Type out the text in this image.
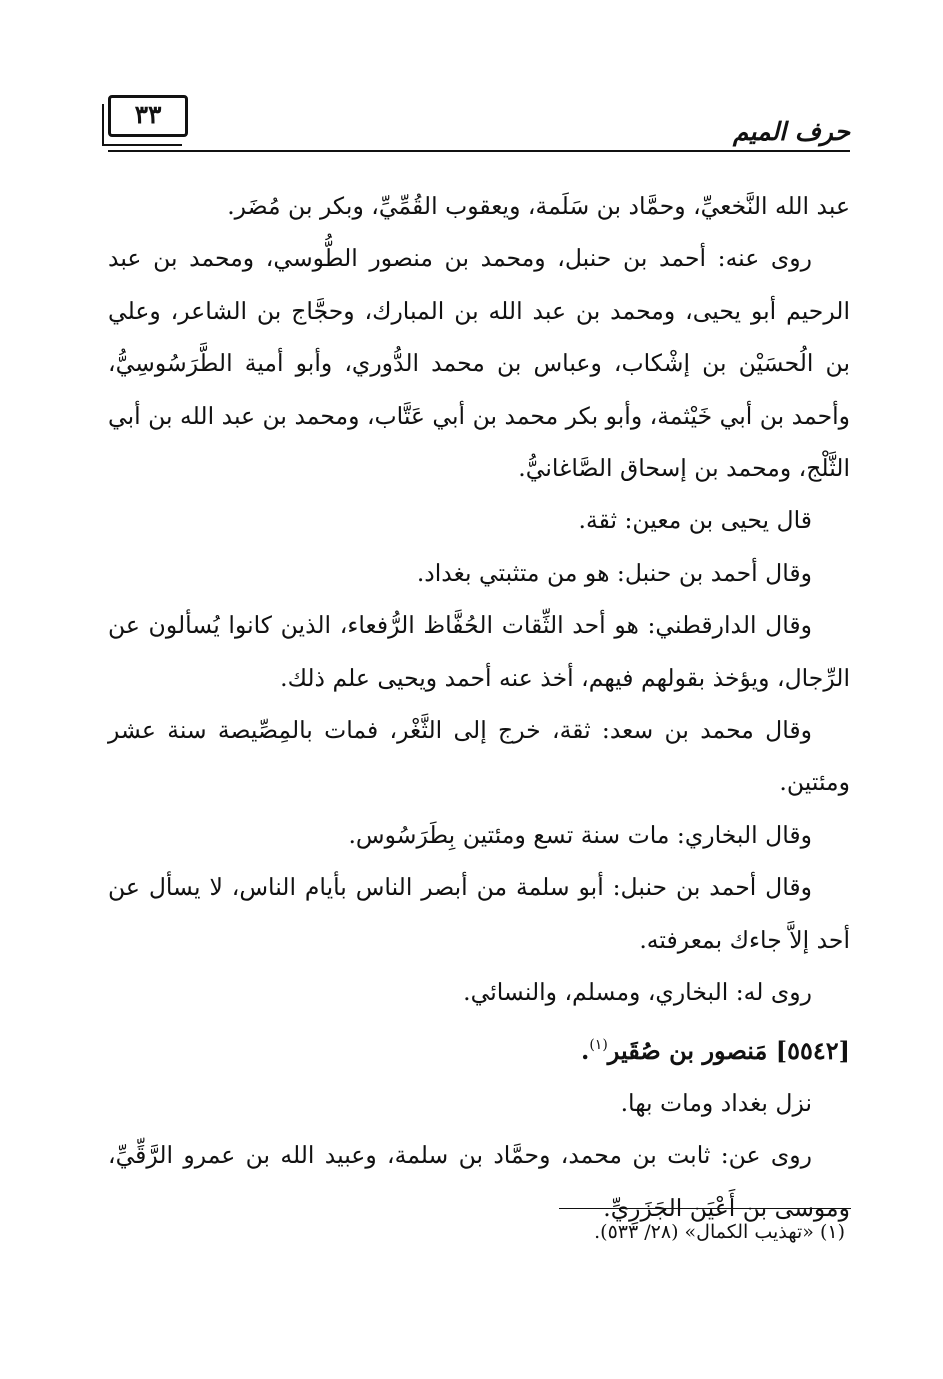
٣٣
حرف الميم

عبد الله النَّخعيِّ، وحمَّاد بن سَلَمة، ويعقوب القُمِّيِّ، وبكر بن مُضَر.

روى عنه: أحمد بن حنبل، ومحمد بن منصور الطُّوسي، ومحمد بن عبد الرحيم أبو يحيى، ومحمد بن عبد الله بن المبارك، وحجَّاج بن الشاعر، وعلي بن الُحسَيْن بن إشْكاب، وعباس بن محمد الدُّوري، وأبو أمية الطَّرَسُوسِيُّ، وأحمد بن أبي خَيْثمة، وأبو بكر محمد بن أبي عَتَّاب، ومحمد بن عبد الله بن أبي الثَّلْج، ومحمد بن إسحاق الصَّاغانيُّ.

قال يحيى بن معين: ثقة.

وقال أحمد بن حنبل: هو من متثبتي بغداد.

وقال الدارقطني: هو أحد الثِّقات الحُفَّاظ الرُّفعاء، الذين كانوا يُسألون عن الرِّجال، ويؤخذ بقولهم فيهم، أخذ عنه أحمد ويحيى علم ذلك.

وقال محمد بن سعد: ثقة، خرج إلى الثَّغْر، فمات بالمِصِّيصة سنة عشر ومئتين.

وقال البخاري: مات سنة تسع ومئتين بِطَرَسُوس.

وقال أحمد بن حنبل: أبو سلمة من أبصر الناس بأيام الناس، لا يسأل عن أحد إلاَّ جاءك بمعرفته.

روى له: البخاري، ومسلم، والنسائي.

[٥٥٤٢] مَنصور بن صُقَير$^{(١)}$.

نزل بغداد ومات بها.

روى عن: ثابت بن محمد، وحمَّاد بن سلمة، وعبيد الله بن عمرو الرَّقِّيِّ، وموسى بن أَعْيَن الجَزَرِيِّ.

(١) «تهذيب الكمال» (٢٨/ ٥٣٣).
